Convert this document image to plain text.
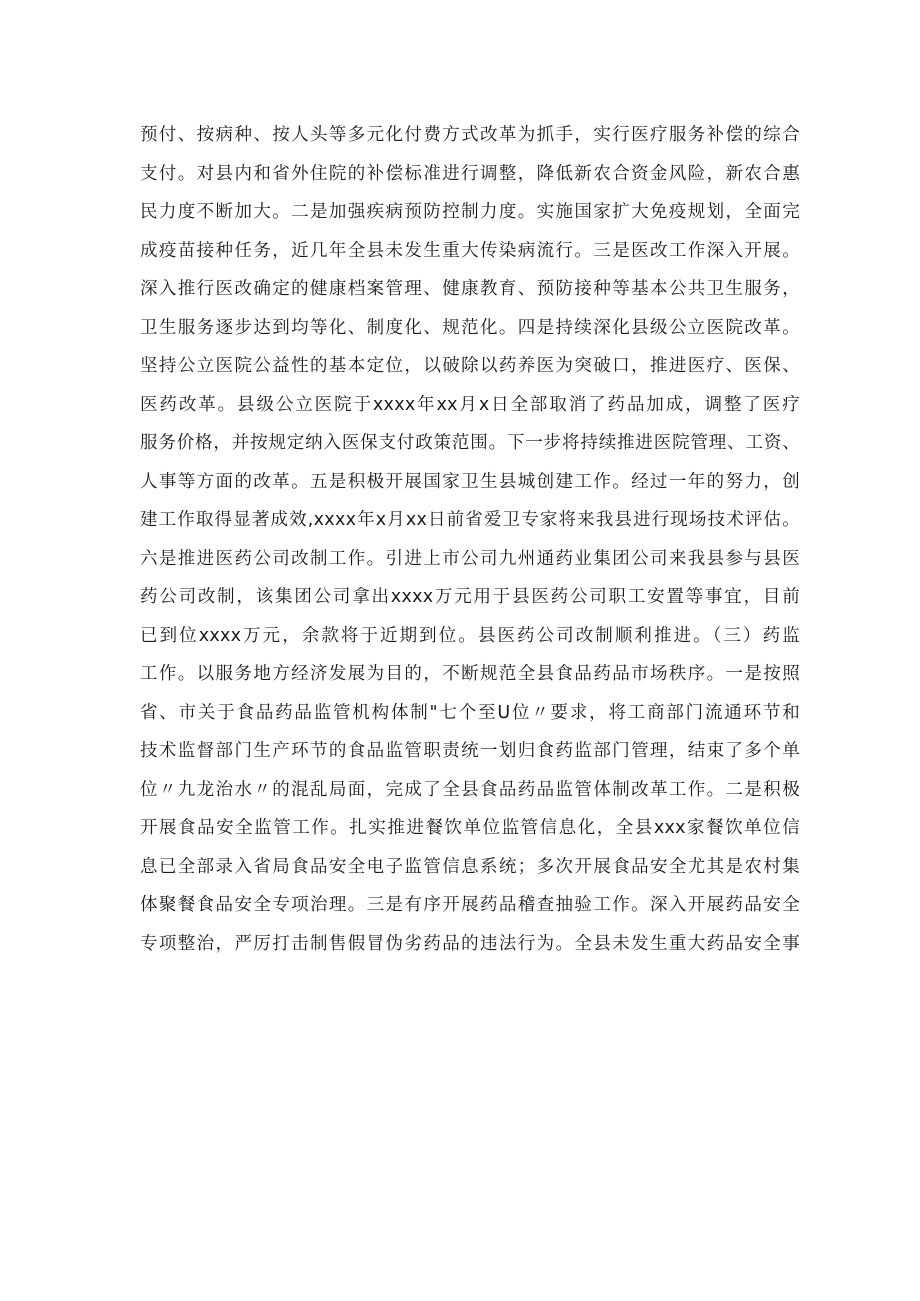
预付、按病种、按人头等多元化付费方式改革为抓手，实行医疗服务补偿的综合
支付。对县内和省外住院的补偿标准进行调整，降低新农合资金风险，新农合惠
民力度不断加大。二是加强疾病预防控制力度。实施国家扩大免疫规划，全面完
成疫苗接种任务，近几年全县未发生重大传染病流行。三是医改工作深入开展。
深入推行医改确定的健康档案管理、健康教育、预防接种等基本公共卫生服务，
卫生服务逐步达到均等化、制度化、规范化。四是持续深化县级公立医院改革。
坚持公立医院公益性的基本定位，以破除以药养医为突破口，推进医疗、医保、
医药改革。县级公立医院于xxxx年xx月x日全部取消了药品加成，调整了医疗
服务价格，并按规定纳入医保支付政策范围。下一步将持续推进医院管理、工资、
人事等方面的改革。五是积极开展国家卫生县城创建工作。经过一年的努力，创
建工作取得显著成效,xxxx年x月xx日前省爱卫专家将来我县进行现场技术评估。
六是推进医药公司改制工作。引进上市公司九州通药业集团公司来我县参与县医
药公司改制，该集团公司拿出xxxx万元用于县医药公司职工安置等事宜，目前
已到位xxxx万元，余款将于近期到位。县医药公司改制顺利推进。（三）药监
工作。以服务地方经济发展为目的，不断规范全县食品药品市场秩序。一是按照
省、市关于食品药品监管机构体制"七个至U位〃要求，将工商部门流通环节和
技术监督部门生产环节的食品监管职责统一划归食药监部门管理，结束了多个单
位〃九龙治水〃的混乱局面，完成了全县食品药品监管体制改革工作。二是积极
开展食品安全监管工作。扎实推进餐饮单位监管信息化，全县xxx家餐饮单位信
息已全部录入省局食品安全电子监管信息系统；多次开展食品安全尤其是农村集
体聚餐食品安全专项治理。三是有序开展药品稽查抽验工作。深入开展药品安全
专项整治，严厉打击制售假冒伪劣药品的违法行为。全县未发生重大药品安全事
